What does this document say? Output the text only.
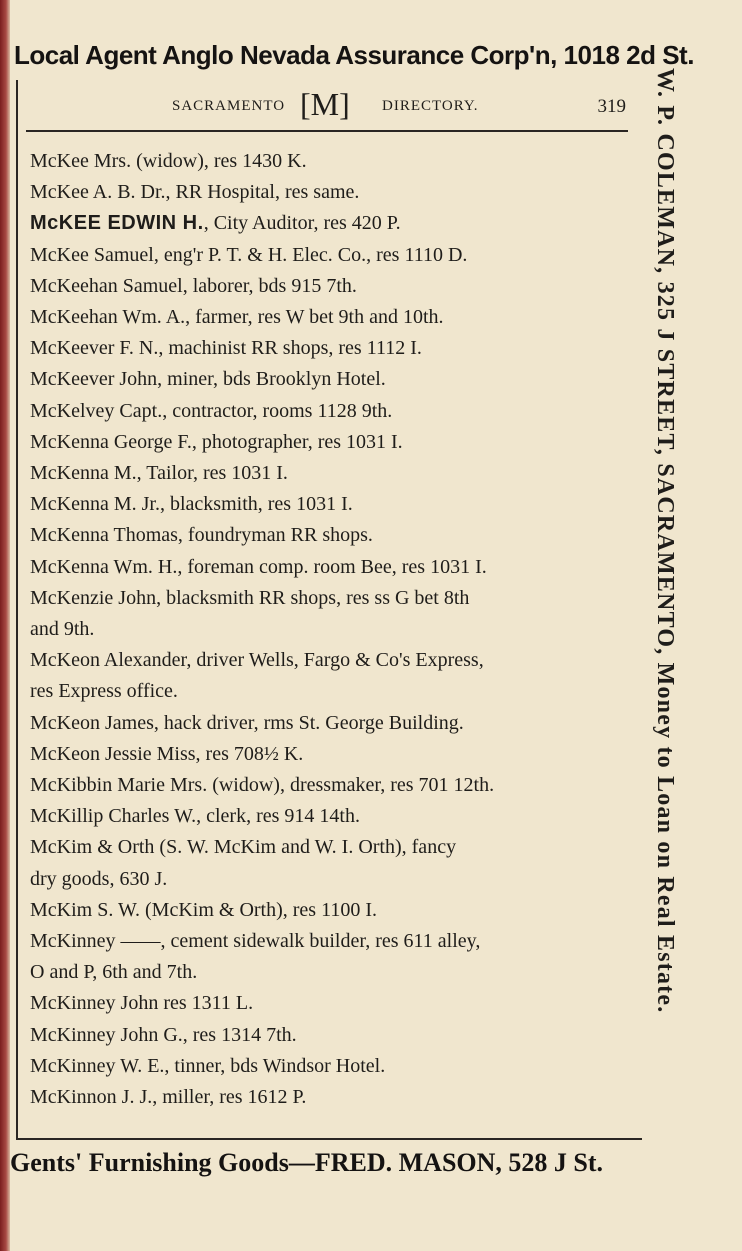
Local Agent Anglo Nevada Assurance Corp'n, 1018 2d St.
SACRAMENTO [M] DIRECTORY.	319
McKee Mrs. (widow), res 1430 K.
McKee A. B. Dr., RR Hospital, res same.
McKEE EDWIN H., City Auditor, res 420 P.
McKee Samuel, eng'r P. T. & H. Elec. Co., res 1110 D.
McKeehan Samuel, laborer, bds 915 7th.
McKeehan Wm. A., farmer, res W bet 9th and 10th.
McKeever F. N., machinist RR shops, res 1112 I.
McKeever John, miner, bds Brooklyn Hotel.
McKelvey Capt., contractor, rooms 1128 9th.
McKenna George F., photographer, res 1031 I.
McKenna M., Tailor, res 1031 I.
McKenna M. Jr., blacksmith, res 1031 I.
McKenna Thomas, foundryman RR shops.
McKenna Wm. H., foreman comp. room Bee, res 1031 I.
McKenzie John, blacksmith RR shops, res ss G bet 8th
and 9th.
McKeon Alexander, driver Wells, Fargo & Co's Express,
res Express office.
McKeon James, hack driver, rms St. George Building.
McKeon Jessie Miss, res 708½ K.
McKibbin Marie Mrs. (widow), dressmaker, res 701 12th.
McKillip Charles W., clerk, res 914 14th.
McKim & Orth (S. W. McKim and W. I. Orth), fancy
dry goods, 630 J.
McKim S. W. (McKim & Orth), res 1100 I.
McKinney ——, cement sidewalk builder, res 611 alley,
O and P, 6th and 7th.
McKinney John res 1311 L.
McKinney John G., res 1314 7th.
McKinney W. E., tinner, bds Windsor Hotel.
McKinnon J. J., miller, res 1612 P.
W. P. COLEMAN, 325 J STREET, SACRAMENTO, Money to Loan on Real Estate.
Gents' Furnishing Goods—FRED. MASON, 528 J St.
